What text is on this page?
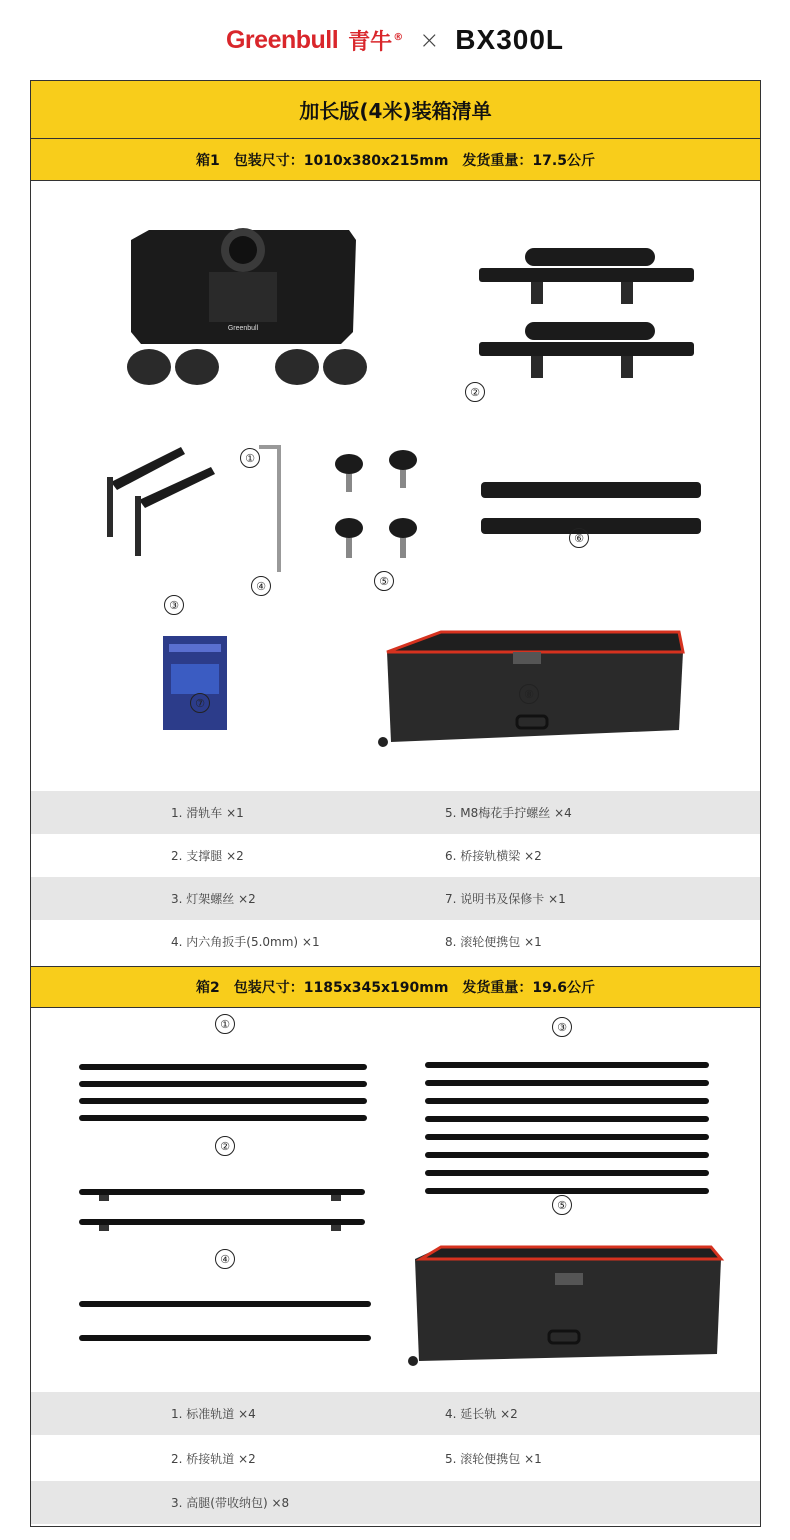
Greenbull 青牛® × BX300L
加长版(4米)装箱清单
箱1 包装尺寸：1010x380x215mm 发货重量：17.5公斤
Greenbull
①
②
③
④	⑤
⑥
⑦
⑧
1. 滑轨车 ×1	5. M8梅花手拧螺丝 ×4
2. 支撑腿 ×2	6. 桥接轨横梁 ×2
3. 灯架螺丝 ×2	7. 说明书及保修卡 ×1
4. 内六角扳手(5.0mm) ×1	8. 滚轮便携包 ×1
箱2 包装尺寸：1185x345x190mm 发货重量：19.6公斤
①
②
③
④
⑤
1. 标准轨道 ×4	4. 延长轨 ×2
2. 桥接轨道 ×2	5. 滚轮便携包 ×1
3. 高腿(带收纳包) ×8
